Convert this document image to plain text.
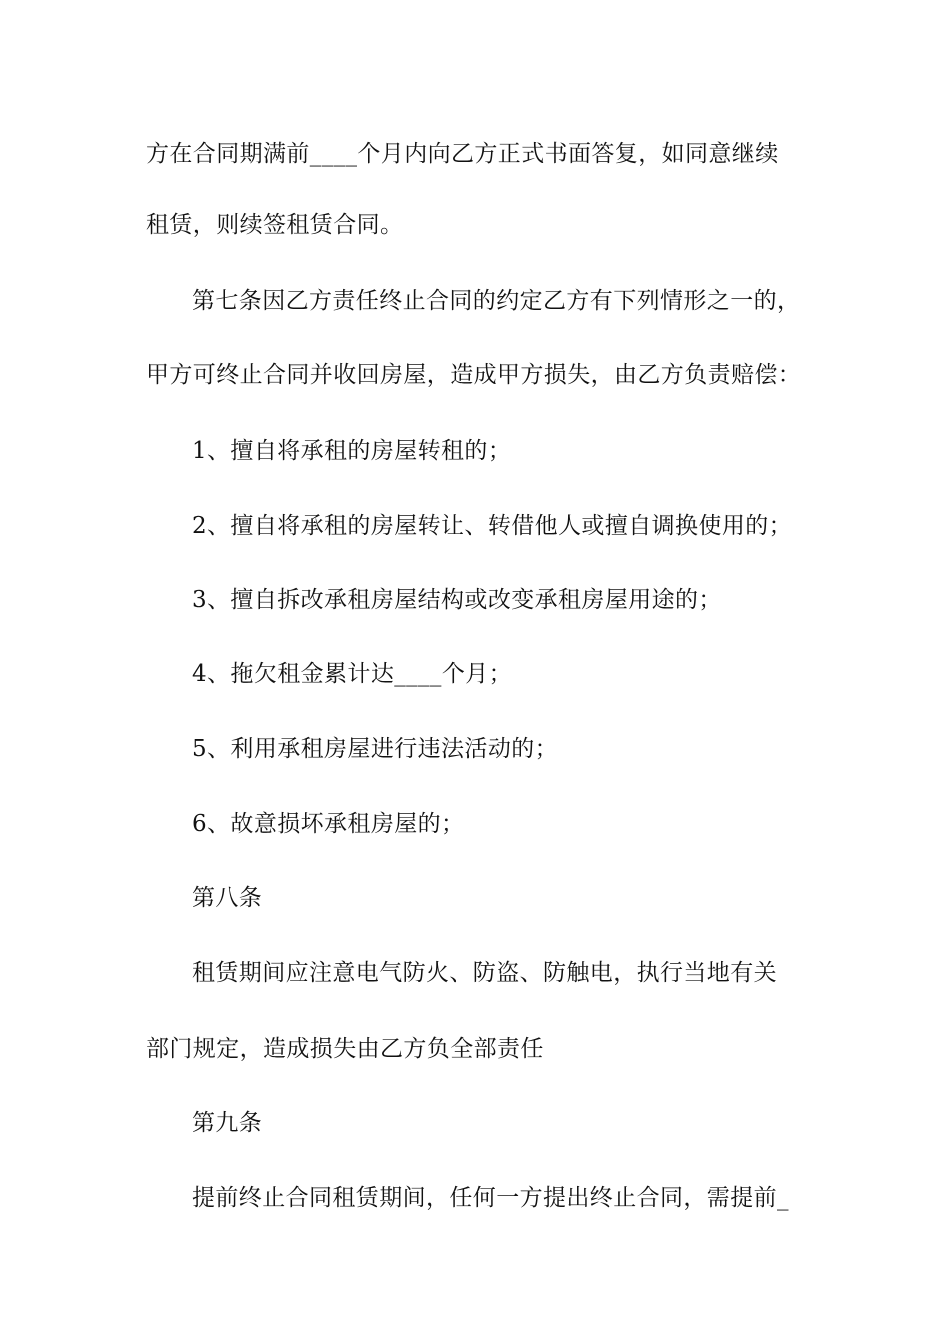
方在合同期满前____个月内向乙方正式书面答复，如同意继续
租赁，则续签租赁合同。
第七条因乙方责任终止合同的约定乙方有下列情形之一的，
甲方可终止合同并收回房屋，造成甲方损失，由乙方负责赔偿：
1、擅自将承租的房屋转租的；
2、擅自将承租的房屋转让、转借他人或擅自调换使用的；
3、擅自拆改承租房屋结构或改变承租房屋用途的；
4、拖欠租金累计达____个月；
5、利用承租房屋进行违法活动的；
6、故意损坏承租房屋的；
第八条
租赁期间应注意电气防火、防盗、防触电，执行当地有关
部门规定，造成损失由乙方负全部责任
第九条
提前终止合同租赁期间，任何一方提出终止合同，需提前_
